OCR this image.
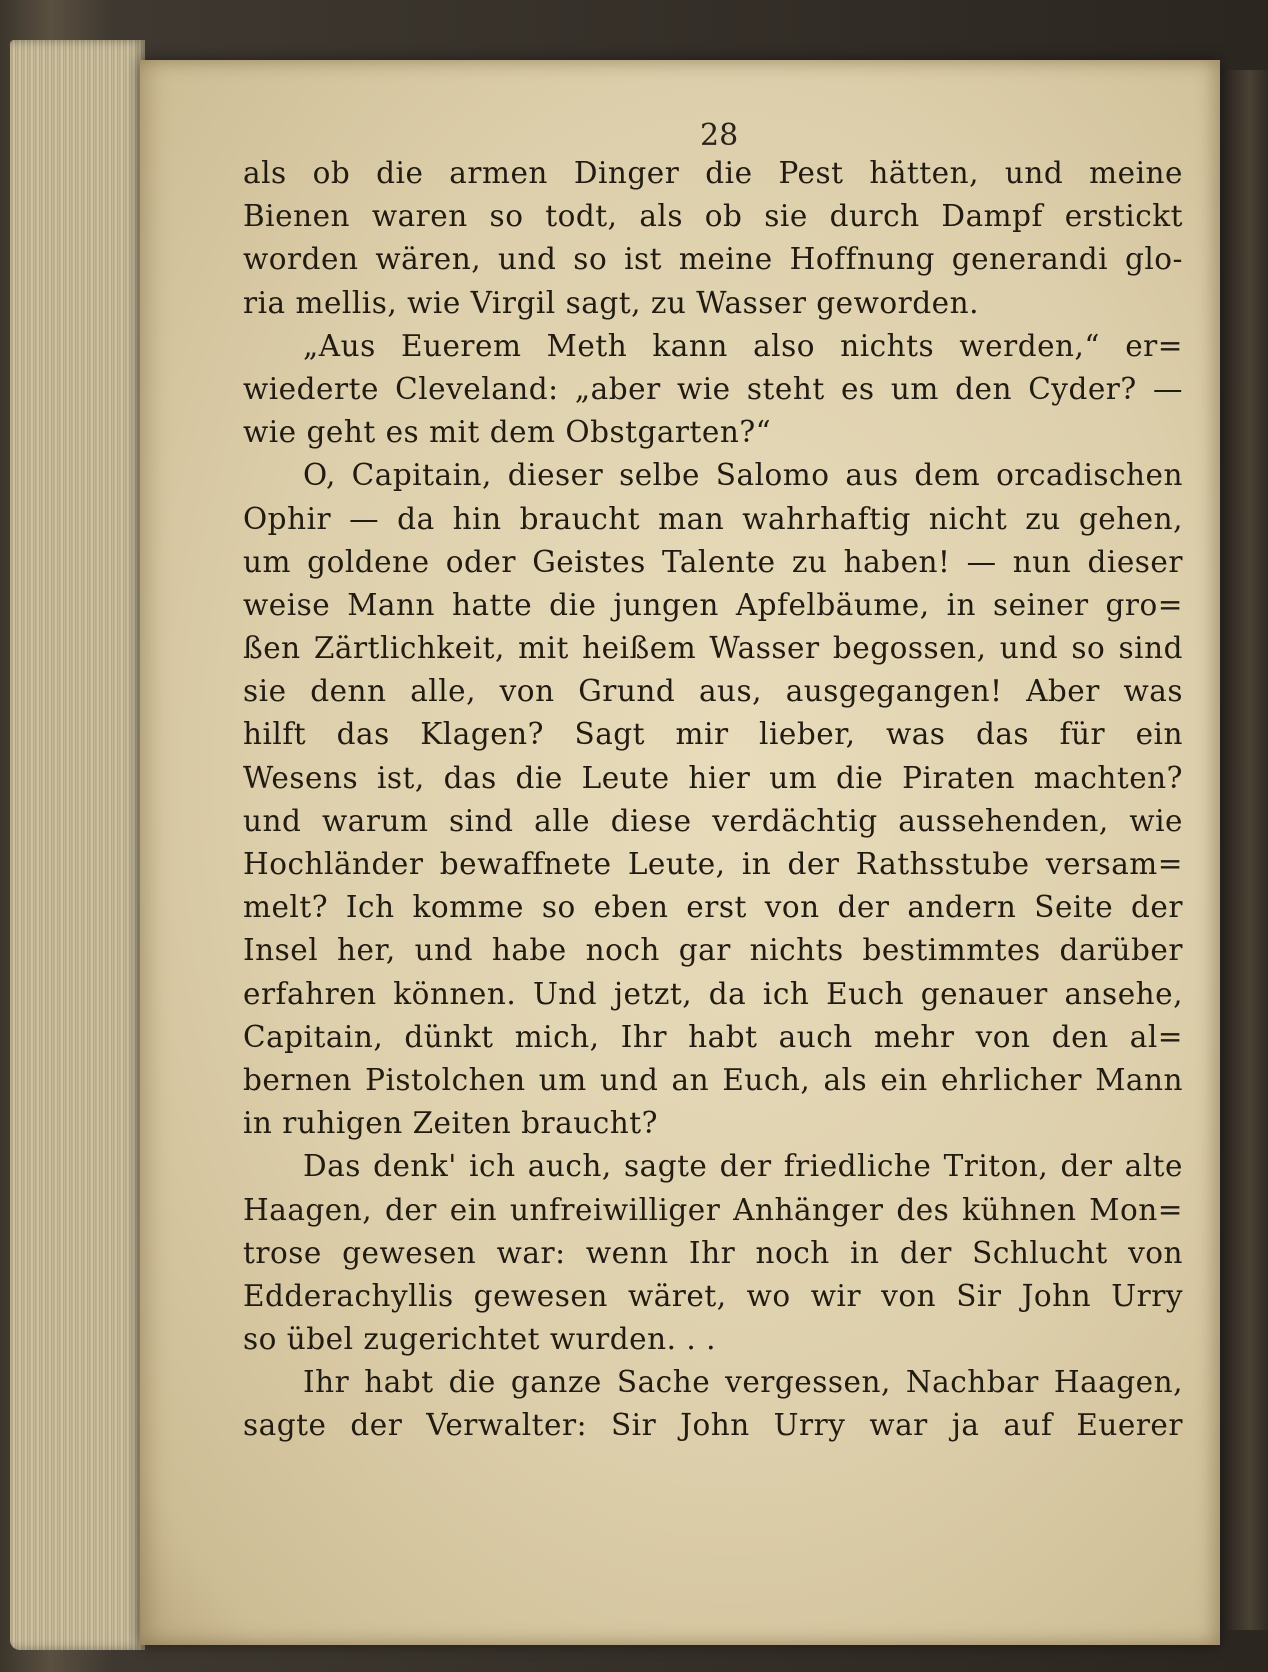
28
als ob die armen Dinger die Pest hätten, und meine
Bienen waren so todt, als ob sie durch Dampf erstickt
worden wären, und so ist meine Hoffnung generandi glo-
ria mellis, wie Virgil sagt, zu Wasser geworden.
„Aus Euerem Meth kann also nichts werden,“ er=
wiederte Cleveland: „aber wie steht es um den Cyder? —
wie geht es mit dem Obstgarten?“
O, Capitain, dieser selbe Salomo aus dem orcadischen
Ophir — da hin braucht man wahrhaftig nicht zu gehen,
um goldene oder Geistes Talente zu haben! — nun dieser
weise Mann hatte die jungen Apfelbäume, in seiner gro=
ßen Zärtlichkeit, mit heißem Wasser begossen, und so sind
sie denn alle, von Grund aus, ausgegangen! Aber was
hilft das Klagen? Sagt mir lieber, was das für ein
Wesens ist, das die Leute hier um die Piraten machten?
und warum sind alle diese verdächtig aussehenden, wie
Hochländer bewaffnete Leute, in der Rathsstube versam=
melt? Ich komme so eben erst von der andern Seite der
Insel her, und habe noch gar nichts bestimmtes darüber
erfahren können. Und jetzt, da ich Euch genauer ansehe,
Capitain, dünkt mich, Ihr habt auch mehr von den al=
bernen Pistolchen um und an Euch, als ein ehrlicher Mann
in ruhigen Zeiten braucht?
Das denk' ich auch, sagte der friedliche Triton, der alte
Haagen, der ein unfreiwilliger Anhänger des kühnen Mon=
trose gewesen war: wenn Ihr noch in der Schlucht von
Edderachyllis gewesen wäret, wo wir von Sir John Urry
so übel zugerichtet wurden. . .
Ihr habt die ganze Sache vergessen, Nachbar Haagen,
sagte der Verwalter: Sir John Urry war ja auf Euerer
